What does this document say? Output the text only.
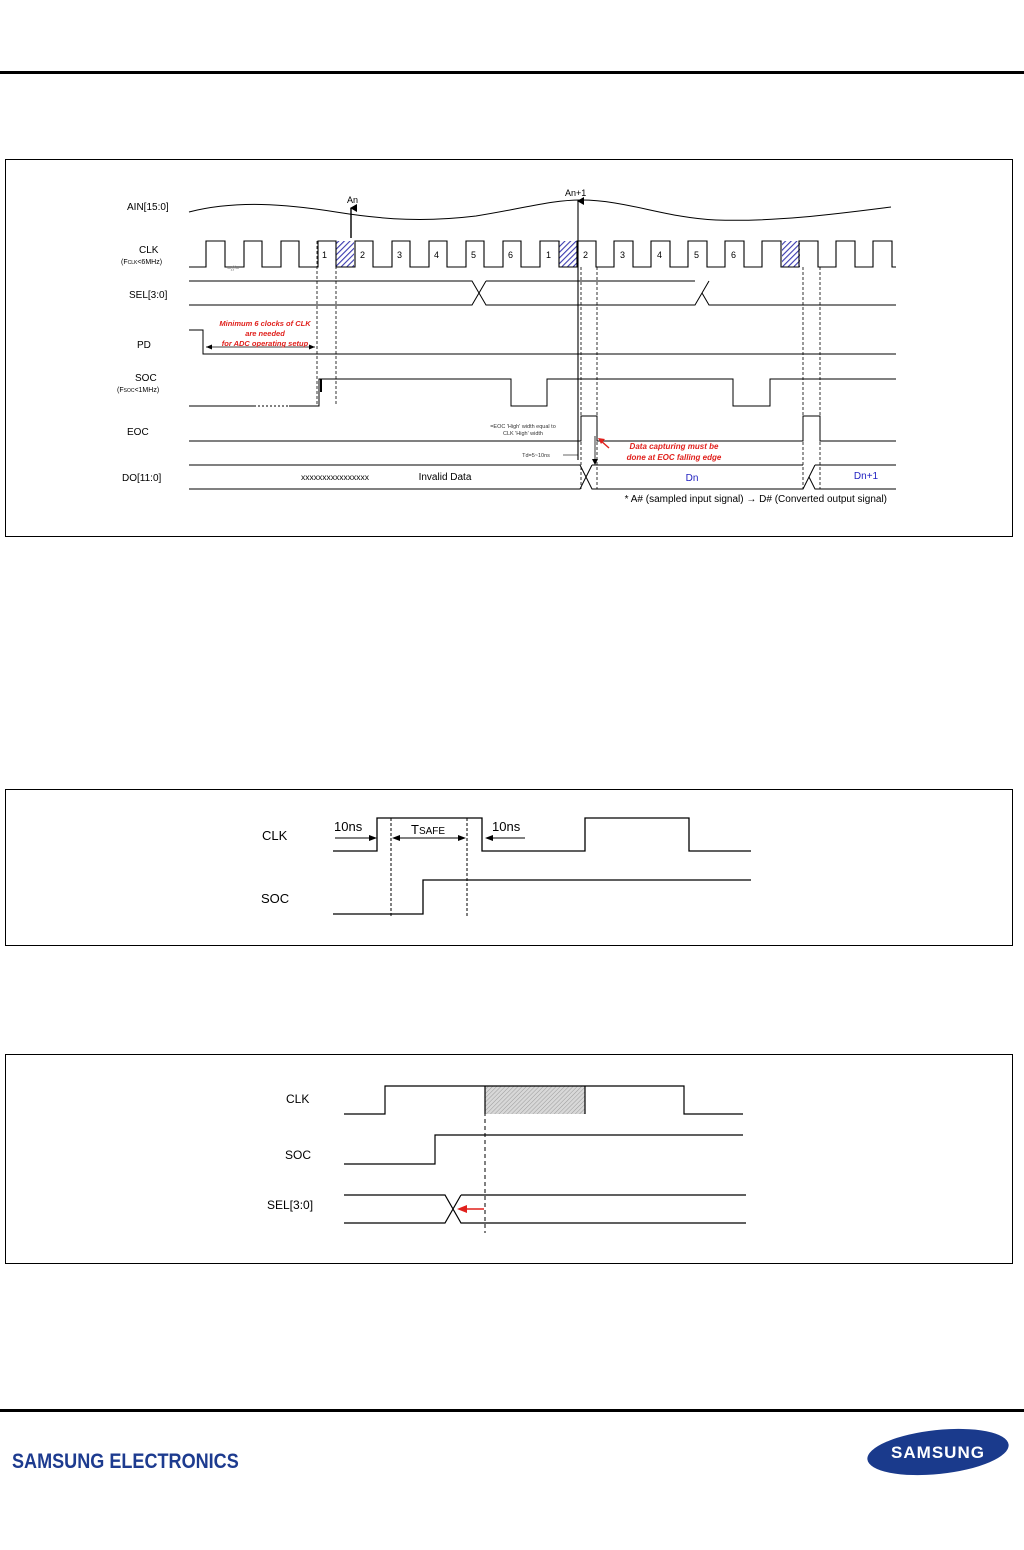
AIN[15:0]
CLK
(FCLK<6MHz)
SEL[3:0]
PD
SOC
(FSOC<1MHz)
EOC
DO[11:0]
An
An+1
~//~
1	2	3	4	5	6	1	2	3	4	5	6
Minimum 6 clocks of CLK
are needed
for ADC operating setup
=EOC 'High' width equal to
CLK 'High' width
Td=5~10ns
Data capturing must be
done at EOC falling edge
xxxxxxxxxxxxxxxx	Invalid Data	Dn	Dn+1
* A# (sampled input signal) → D# (Converted output signal)
CLK
SOC
10ns	10ns
TSAFE
CLK
SOC
SEL[3:0]
SAMSUNG ELECTRONICS	SAMSUNG
